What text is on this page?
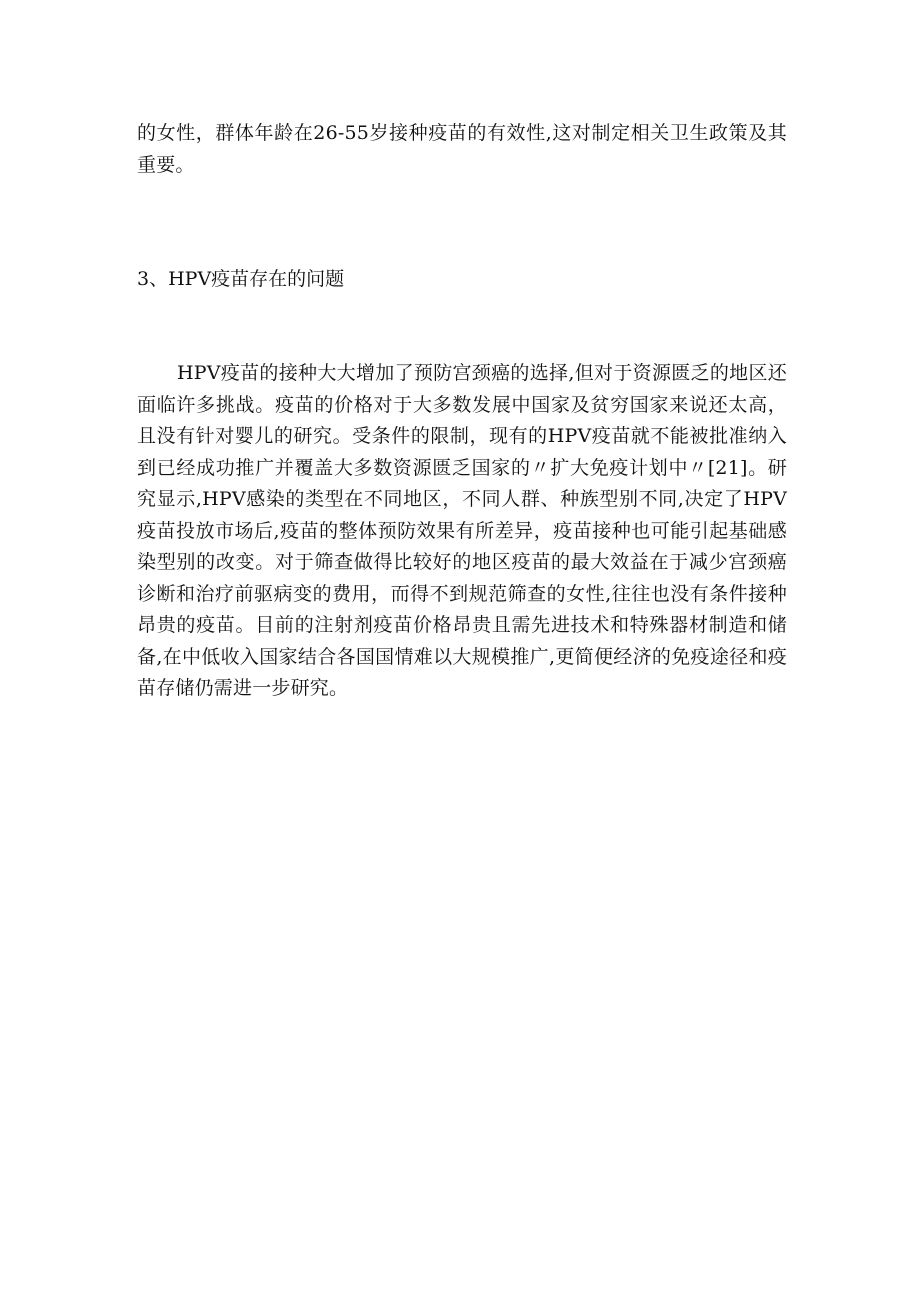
的女性，群体年龄在26-55岁接种疫苗的有效性,这对制定相关卫生政策及其重要。

3、HPV疫苗存在的问题

HPV疫苗的接种大大增加了预防宫颈癌的选择,但对于资源匮乏的地区还面临许多挑战。疫苗的价格对于大多数发展中国家及贫穷国家来说还太高，且没有针对婴儿的研究。受条件的限制，现有的HPV疫苗就不能被批准纳入到已经成功推广并覆盖大多数资源匮乏国家的〃扩大免疫计划中〃[21]。研究显示,HPV感染的类型在不同地区，不同人群、种族型别不同,决定了HPV疫苗投放市场后,疫苗的整体预防效果有所差异，疫苗接种也可能引起基础感染型别的改变。对于筛查做得比较好的地区疫苗的最大效益在于减少宫颈癌诊断和治疗前驱病变的费用，而得不到规范筛查的女性,往往也没有条件接种昂贵的疫苗。目前的注射剂疫苗价格昂贵且需先进技术和特殊器材制造和储备,在中低收入国家结合各国国情难以大规模推广,更简便经济的免疫途径和疫苗存储仍需进一步研究。
